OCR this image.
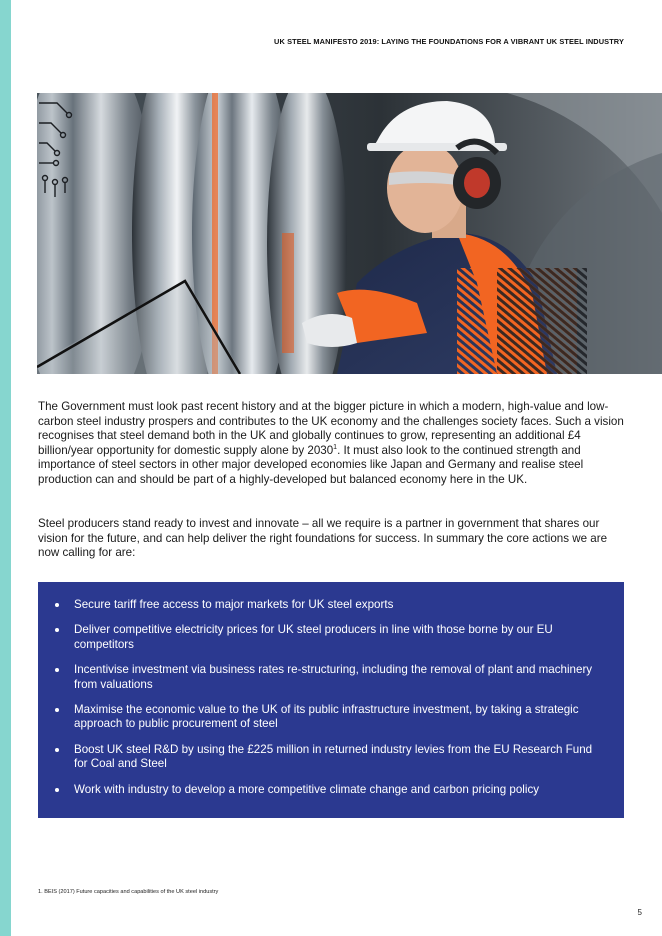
UK STEEL MANIFESTO 2019: LAYING THE FOUNDATIONS FOR A VIBRANT UK STEEL INDUSTRY

The Government must look past recent history and at the bigger picture in which a modern, high-value and low-carbon steel industry prospers and contributes to the UK economy and the challenges society faces. Such a vision recognises that steel demand both in the UK and globally continues to grow, representing an additional £4 billion/year opportunity for domestic supply alone by 2030$^1$. It must also look to the continued strength and importance of steel sectors in other major developed economies like Japan and Germany and realise steel production can and should be part of a highly-developed but balanced economy here in the UK.

Steel producers stand ready to invest and innovate – all we require is a partner in government that shares our vision for the future, and can help deliver the right foundations for success. In summary the core actions we are now calling for are:

Secure tariff free access to major markets for UK steel exports
Deliver competitive electricity prices for UK steel producers in line with those borne by our EU competitors
Incentivise investment via business rates re-structuring, including the removal of plant and machinery from valuations
Maximise the economic value to the UK of its public infrastructure investment, by taking a strategic approach to public procurement of steel
Boost UK steel R&D by using the £225 million in returned industry levies from the EU Research Fund for Coal and Steel
Work with industry to develop a more competitive climate change and carbon pricing policy
1. BEIS (2017) Future capacities and capabilities of the UK steel industry
5
